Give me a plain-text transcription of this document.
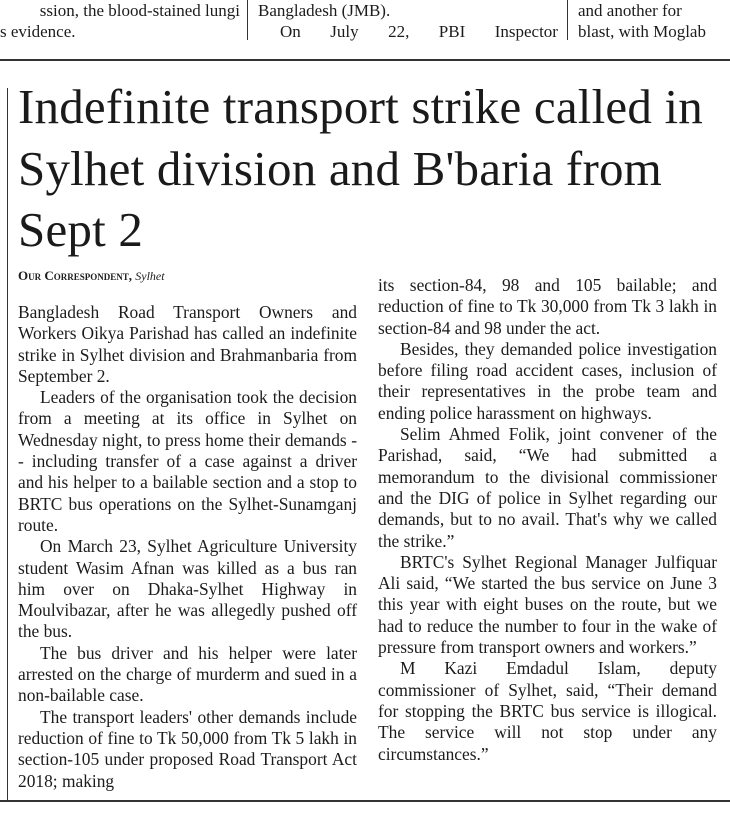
ssion, the blood-stained lungi

s evidence.

Bangladesh (JMB).

On July 22, PBI Inspector

and another for

blast, with Moglab

Indefinite transport strike called in Sylhet division and B'baria from Sept 2
Our Correspondent, Sylhet

Bangladesh Road Transport Owners and Workers Oikya Parishad has called an indefinite strike in Sylhet division and Brahmanbaria from September 2.

Leaders of the organisation took the decision from a meeting at its office in Sylhet on Wednesday night, to press home their demands -- including transfer of a case against a driver and his helper to a bailable section and a stop to BRTC bus operations on the Sylhet-Sunamganj route.

On March 23, Sylhet Agriculture University student Wasim Afnan was killed as a bus ran him over on Dhaka-Sylhet Highway in Moulvibazar, after he was allegedly pushed off the bus.

The bus driver and his helper were later arrested on the charge of murderm and sued in a non-bailable case.

The transport leaders' other demands include reduction of fine to Tk 50,000 from Tk 5 lakh in section-105 under proposed Road Transport Act 2018; making

its section-84, 98 and 105 bailable; and reduction of fine to Tk 30,000 from Tk 3 lakh in section-84 and 98 under the act.

Besides, they demanded police investigation before filing road accident cases, inclusion of their representatives in the probe team and ending police harassment on highways.

Selim Ahmed Folik, joint convener of the Parishad, said, “We had submitted a memorandum to the divisional commissioner and the DIG of police in Sylhet regarding our demands, but to no avail. That's why we called the strike.”

BRTC's Sylhet Regional Manager Julfiquar Ali said, “We started the bus service on June 3 this year with eight buses on the route, but we had to reduce the number to four in the wake of pressure from transport owners and workers.”

M Kazi Emdadul Islam, deputy commissioner of Sylhet, said, “Their demand for stopping the BRTC bus service is illogical. The service will not stop under any circumstances.”
